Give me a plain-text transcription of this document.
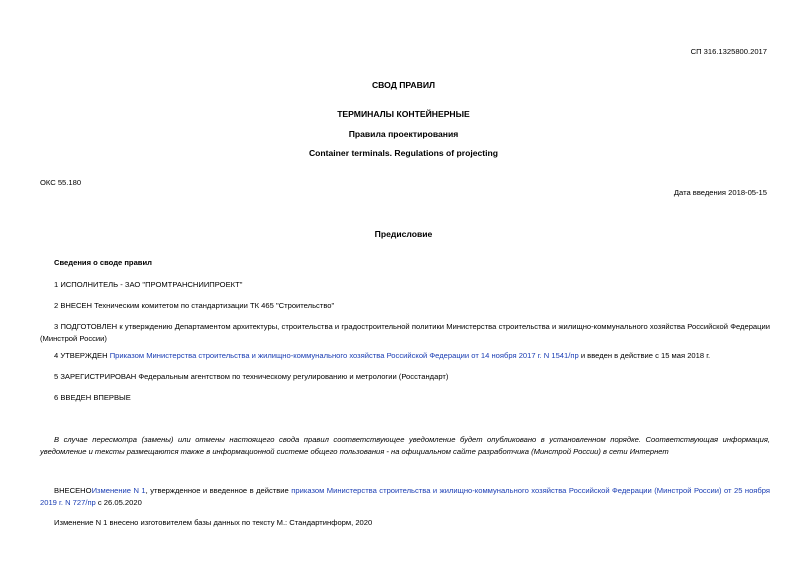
СП 316.1325800.2017
СВОД ПРАВИЛ
ТЕРМИНАЛЫ КОНТЕЙНЕРНЫЕ
Правила проектирования
Container terminals. Regulations of projecting
ОКС 55.180
Дата введения 2018-05-15
Предисловие
Сведения о своде правил
1 ИСПОЛНИТЕЛЬ - ЗАО "ПРОМТРАНСНИИПРОЕКТ"
2 ВНЕСЕН Техническим комитетом по стандартизации ТК 465 "Строительство"
3 ПОДГОТОВЛЕН к утверждению Департаментом архитектуры, строительства и градостроительной политики Министерства строительства и жилищно-коммунального хозяйства Российской Федерации (Минстрой России)
4 УТВЕРЖДЕН Приказом Министерства строительства и жилищно-коммунального хозяйства Российской Федерации от 14 ноября 2017 г. N 1541/пр и введен в действие с 15 мая 2018 г.
5 ЗАРЕГИСТРИРОВАН Федеральным агентством по техническому регулированию и метрологии (Росстандарт)
6 ВВЕДЕН ВПЕРВЫЕ
В случае пересмотра (замены) или отмены настоящего свода правил соответствующее уведомление будет опубликовано в установленном порядке. Соответствующая информация, уведомление и тексты размещаются также в информационной системе общего пользования - на официальном сайте разработчика (Минстрой России) в сети Интернет
ВНЕСЕНОИзменение N 1, утвержденное и введенное в действие приказом Министерства строительства и жилищно-коммунального хозяйства Российской Федерации (Минстрой России) от 25 ноября 2019 г. N 727/пр с 26.05.2020
Изменение N 1 внесено изготовителем базы данных по тексту М.: Стандартинформ, 2020
